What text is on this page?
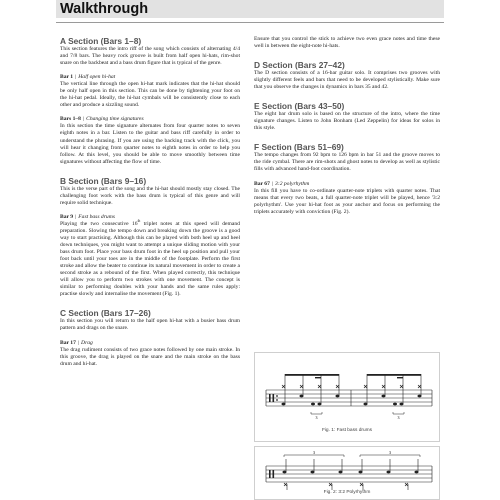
Walkthrough

A Section (Bars 1–8)

This section features the intro riff of the song which consists of alternating 4/4 and 7/8 bars. The heavy rock groove is built from half open hi-hats, rim-shot snare on the backbeat and a bass drum figure that is typical of the genre.

Bar 1 | Half open hi-hat

The vertical line through the open hi-hat mark indicates that the hi-hat should be only half open in this section. This can be done by tightening your foot on the hi-hat pedal. Ideally, the hi-hat cymbals will be consistently close to each other and produce a sizzling sound.

Bars 1–8 | Changing time signatures

In this section the time signature alternates from four quarter notes to seven eighth notes in a bar. Listen to the guitar and bass riff carefully in order to understand the phrasing. If you are using the backing track with the click, you will hear it changing from quarter notes to eighth notes in order to help you follow. At this level, you should be able to move smoothly between time signatures without affecting the flow of time.

B Section (Bars 9–16)

This is the verse part of the song and the hi-hat should mostly stay closed. The challenging foot work with the bass drum is typical of this genre and will require solid technique.

Bar 9 | Fast bass drums

Playing the two consecutive 16th triplet notes at this speed will demand preparation. Slowing the tempo down and breaking down the groove is a good way to start practising. Although this can be played with both heel up and heel down techniques, you might want to attempt a unique sliding motion with your bass drum foot. Place your bass drum foot in the heel up position and pull your foot back until your toes are in the middle of the footplate. Perform the first stroke and allow the beater to continue its natural movement in order to create a second stroke as a rebound of the first. When played correctly, this technique will allow you to perform two strokes with one movement. The concept is similar to performing doubles with your hands and the same rules apply: practise slowly and internalise the movement (Fig. 1).

C Section (Bars 17–26)

In this section you will return to the half open hi-hat with a busier bass drum pattern and drags on the snare.

Bar 17 | Drag

The drag rudiment consists of two grace notes followed by one main stroke. In this groove, the drag is played on the snare and the main stroke on the bass drum and hi-hat.

Ensure that you control the stick to achieve two even grace notes and time these well in between the eight-note hi-hats.

D Section (Bars 27–42)

The D section consists of a 16-bar guitar solo. It comprises two grooves with slightly different feels and bars that need to be developed stylistically. Make sure that you observe the changes in dynamics in bars 35 and 42.

E Section (Bars 43–50)

The eight bar drum solo is based on the structure of the intro, where the time signature changes. Listen to John Bonham (Led Zeppelin) for ideas for solos in this style.

F Section (Bars 51–69)

The tempo changes from 92 bpm to 126 bpm in bar 51 and the groove moves to the ride cymbal. There are rim-shots and ghost notes to develop as well as stylistic fills with advanced hand-foot coordination.

Bar 67 | 3:2 polyrhythm

In this fill you have to co-ordinate quarter-note triplets with quarter notes. That means that every two beats, a full quarter-note triplet will be played, hence '3:2 polyrhythm'. Use your hi-hat foot as your anchor and focus on performing the triplets accurately with conviction (Fig. 2).

3	3
Fig. 1: Fast bass drums
3	3
Fig. 2: 3:2 Polyrhythm
